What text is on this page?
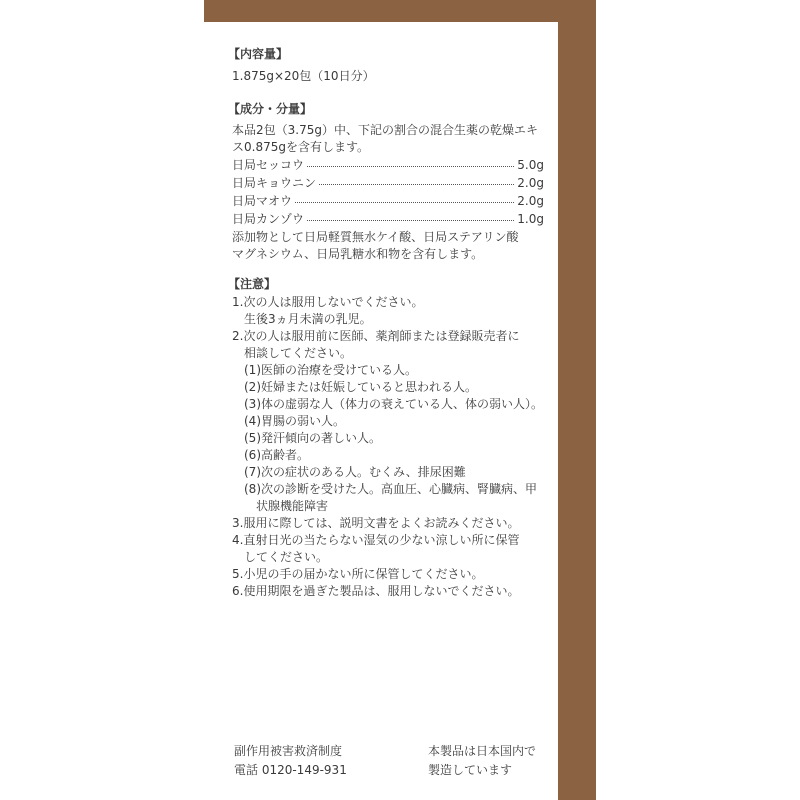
【内容量】
1.875g×20包（10日分）
【成分・分量】
本品2包（3.75g）中、下記の割合の混合生薬の乾燥エキ
ス0.875gを含有します。
日局セッコウ	5.0g
日局キョウニン	2.0g
日局マオウ	2.0g
日局カンゾウ	1.0g
添加物として日局軽質無水ケイ酸、日局ステアリン酸
マグネシウム、日局乳糖水和物を含有します。
【注意】
1.次の人は服用しないでください。
　生後3ヵ月未満の乳児。
2.次の人は服用前に医師、薬剤師または登録販売者に
　相談してください。
　(1)医師の治療を受けている人。
　(2)妊婦または妊娠していると思われる人。
　(3)体の虚弱な人（体力の衰えている人、体の弱い人）。
　(4)胃腸の弱い人。
　(5)発汗傾向の著しい人。
　(6)高齢者。
　(7)次の症状のある人。むくみ、排尿困難
　(8)次の診断を受けた人。高血圧、心臓病、腎臓病、甲
　　状腺機能障害
3.服用に際しては、説明文書をよくお読みください。
4.直射日光の当たらない湿気の少ない涼しい所に保管
　してください。
5.小児の手の届かない所に保管してください。
6.使用期限を過ぎた製品は、服用しないでください。
副作用被害救済制度
電話 0120-149-931
本製品は日本国内で
製造しています
